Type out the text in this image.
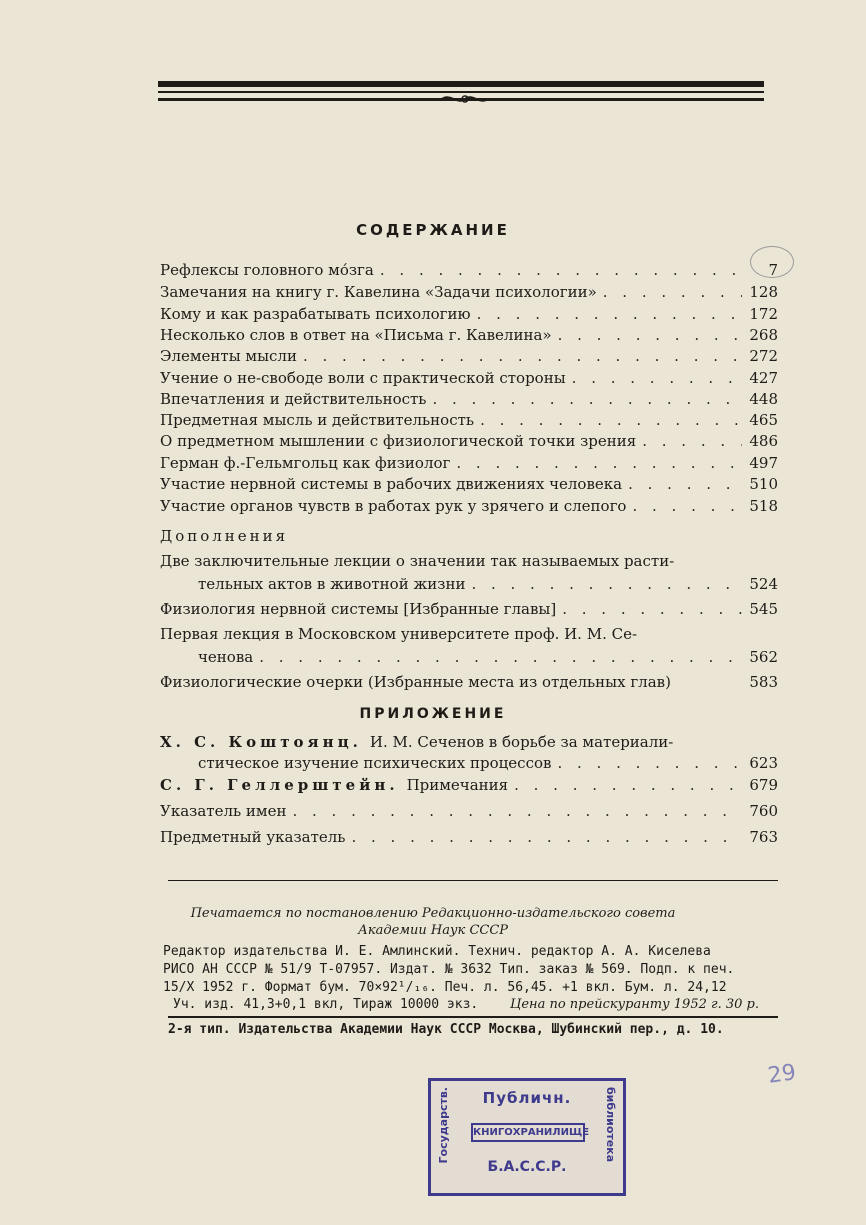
СОДЕРЖАНИЕ
Рефлексы головного мо́зга . . .	7
Замечания на книгу г. Кавелина «Задачи психологии» . . .	128
Кому и как разрабатывать психологию . . .	172
Несколько слов в ответ на «Письма г. Кавелина» . . .	268
Элементы мысли . . .	272
Учение о не-свободе воли с практической стороны . . .	427
Впечатления и действительность . . .	448
Предметная мысль и действительность . . .	465
О предметном мышлении с физиологической точки зрения . . .	486
Герман ф.-Гельмгольц как физиолог . . .	497
Участие нервной системы в рабочих движениях человека . . .	510
Участие органов чувств в работах рук у зрячего и слепого . . .	518
Дополнения
Две заключительные лекции о значении так называемых расти-
тельных актов в животной жизни . . .	524
Физиология нервной системы [Избранные главы] . . .	545
Первая лекция в Московском университете проф. И. М. Се-
ченова . . .	562
Физиологические очерки (Избранные места из отдельных глав)	583
ПРИЛОЖЕНИЕ
Х. С. Коштоянц. И. М. Сеченов в борьбе за материали-
стическое изучение психических процессов . . .	623
С. Г. Геллерштейн. Примечания . . .	679
Указатель имен . . .	760
Предметный указатель . . .	763
Печатается по постановлению Редакционно-издательского совета
Академии Наук СССР
Редактор издательства И. Е. Амлинский. Технич. редактор А. А. Киселева
РИСО АН СССР № 51/9 Т-07957. Издат. № 3632 Тип. заказ № 569. Подп. к печ.
15/X 1952 г. Формат бум. 70×92¹/₁₆. Печ. л. 56,45. +1 вкл. Бум. л. 24,12
Уч. изд. 41,3+0,1 вкл, Тираж 10000 экз.	Цена по прейскуранту 1952 г. 30 р.
2-я тип. Издательства Академии Наук СССР Москва, Шубинский пер., д. 10.
Государств.	Публичн.
КНИГОХРАНИЛИЩЕ
Б.А.С.С.Р.
библиотека
29
